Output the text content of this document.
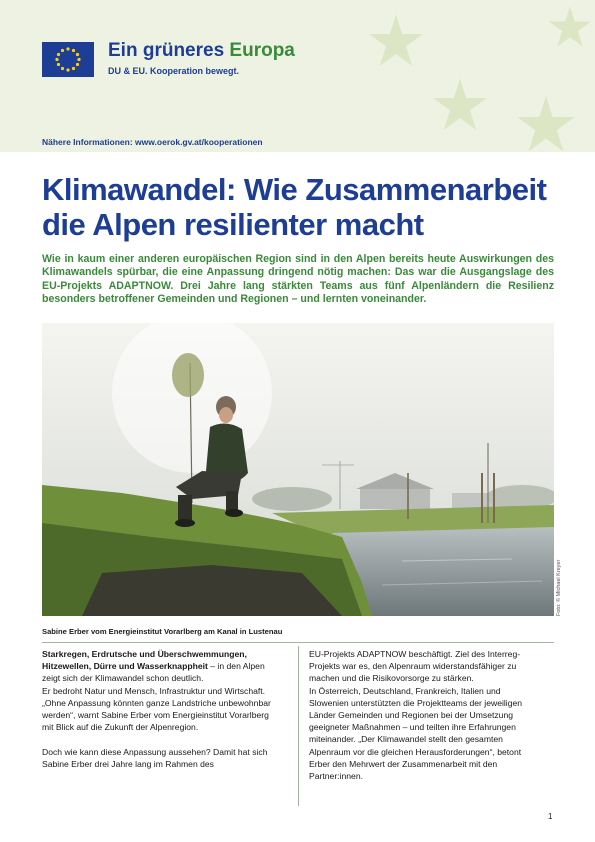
Ein grüneres Europa
DU & EU. Kooperation bewegt.
Nähere Informationen: www.oerok.gv.at/kooperationen
Klimawandel: Wie Zusammenarbeit
die Alpen resilienter macht
Wie in kaum einer anderen europäischen Region sind in den Alpen bereits heute Auswirkungen des Klimawandels spürbar, die eine Anpassung dringend nötig machen: Das war die Ausgangslage des EU-Projekts ADAPTNOW. Drei Jahre lang stärkten Teams aus fünf Alpenländern die Resilienz besonders betroffener Gemeinden und Regionen – und lernten voneinander.
Foto: © Michael Kreyer
Sabine Erber vom Energieinstitut Vorarlberg am Kanal in Lustenau

Starkregen, Erdrutsche und Überschwemmungen, Hitzewellen, Dürre und Wasserknappheit – in den Alpen zeigt sich der Klimawandel schon deutlich.

Er bedroht Natur und Mensch, Infrastruktur und Wirtschaft. „Ohne Anpassung könnten ganze Landstriche unbewohnbar werden“, warnt Sabine Erber vom Energieinstitut Vorarlberg mit Blick auf die Zukunft der Alpenregion.

Doch wie kann diese Anpassung aussehen? Damit hat sich Sabine Erber drei Jahre lang im Rahmen des

EU-Projekts ADAPTNOW beschäftigt. Ziel des Interreg-Projekts war es, den Alpenraum widerstandsfähiger zu machen und die Risikovorsorge zu stärken.

In Österreich, Deutschland, Frankreich, Italien und Slowenien unterstützten die Projektteams der jeweiligen Länder Gemeinden und Regionen bei der Umsetzung geeigneter Maßnahmen – und teilten ihre Erfahrungen miteinander. „Der Klimawandel stellt den gesamten Alpenraum vor die gleichen Herausforderungen“, betont Erber den Mehrwert der Zusammenarbeit mit den Partner:innen.

1
